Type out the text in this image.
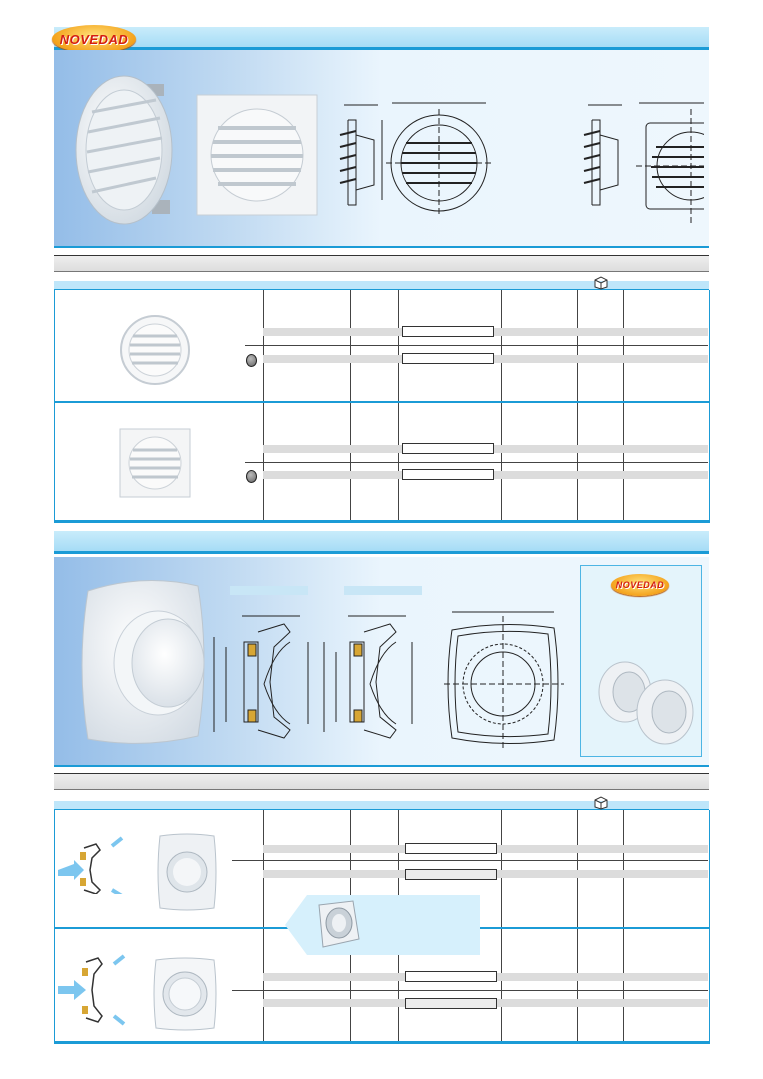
NOVEDAD
NOVEDAD
